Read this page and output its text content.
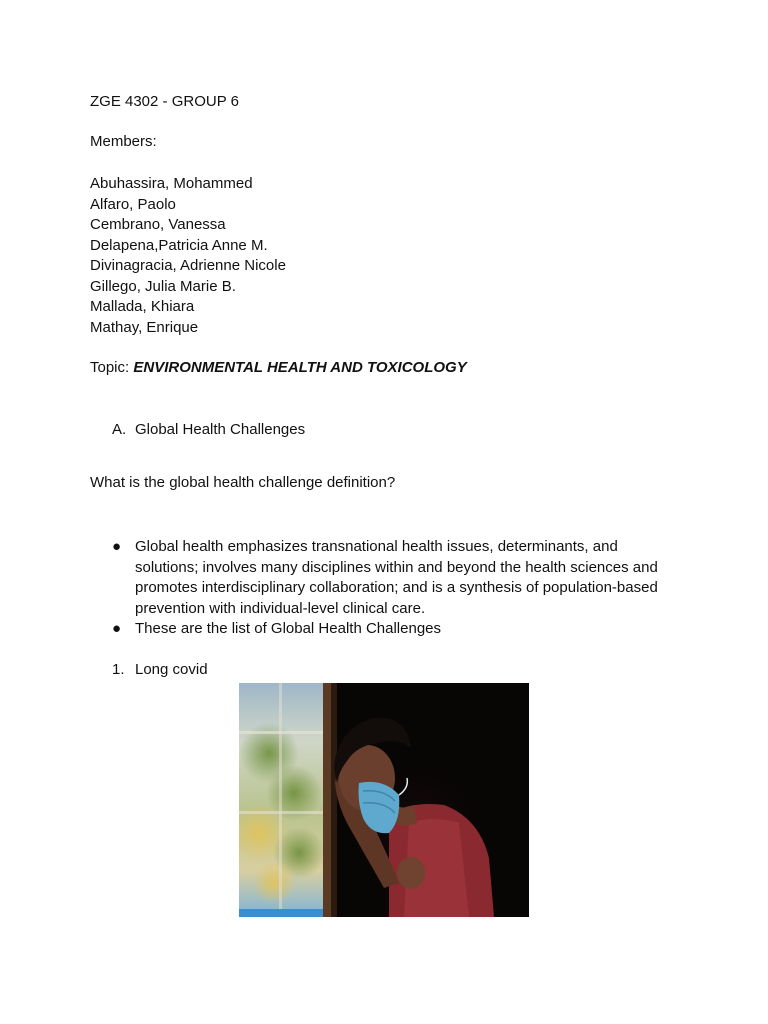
ZGE 4302 - GROUP 6
Members:
Abuhassira, Mohammed
Alfaro, Paolo
Cembrano, Vanessa
Delapena,Patricia Anne M.
Divinagracia, Adrienne Nicole
Gillego, Julia Marie B.
Mallada, Khiara
Mathay, Enrique
Topic: ENVIRONMENTAL HEALTH AND TOXICOLOGY
A. Global Health Challenges
What is the global health challenge definition?
● Global health emphasizes transnational health issues, determinants, and solutions; involves many disciplines within and beyond the health sciences and promotes interdisciplinary collaboration; and is a synthesis of population-based prevention with individual-level clinical care.
● These are the list of Global Health Challenges
1. Long covid
